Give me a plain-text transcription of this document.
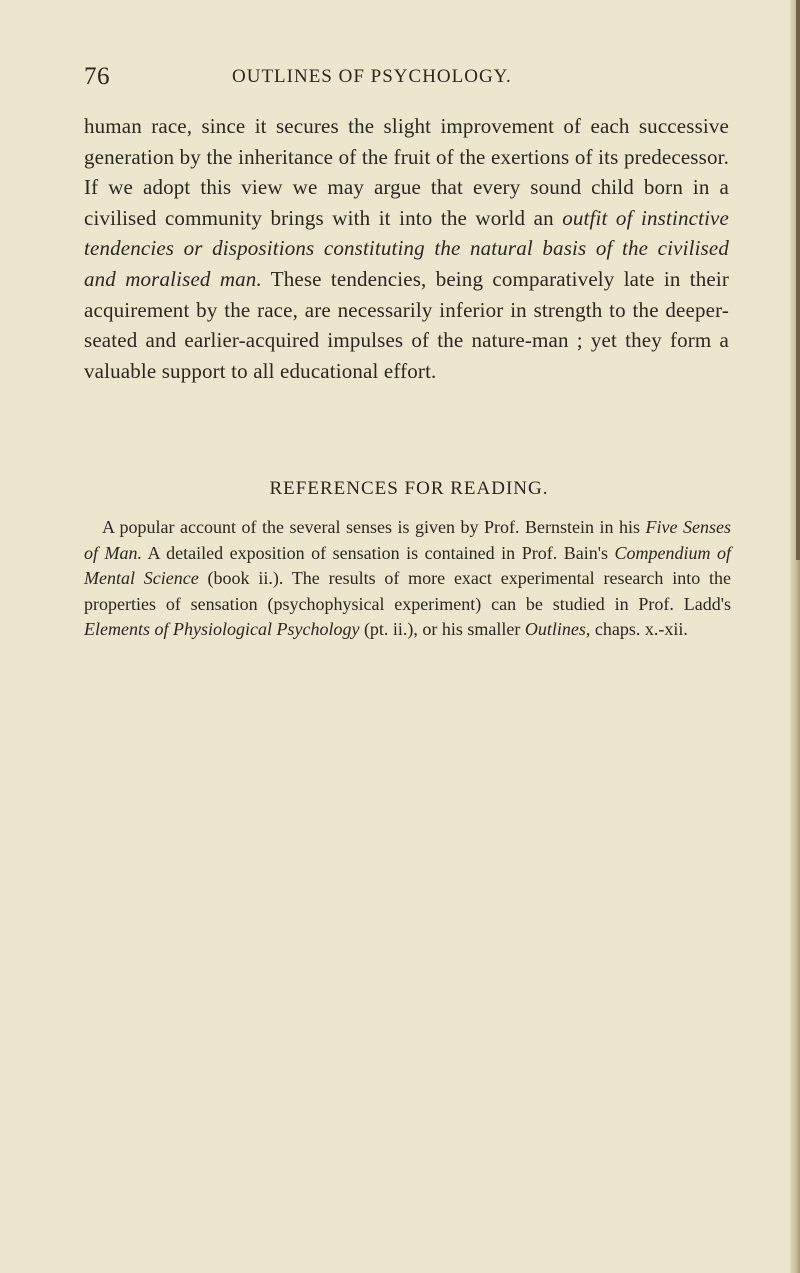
76	OUTLINES OF PSYCHOLOGY.

human race, since it secures the slight improvement of each successive generation by the inheritance of the fruit of the exertions of its predecessor. If we adopt this view we may argue that every sound child born in a civilised community brings with it into the world an outfit of instinctive tendencies or dispositions constituting the natural basis of the civilised and moralised man. These tendencies, being comparatively late in their acquirement by the race, are necessarily inferior in strength to the deeper-seated and earlier-acquired impulses of the nature-man ; yet they form a valuable support to all educational effort.

REFERENCES FOR READING.

A popular account of the several senses is given by Prof. Bernstein in his Five Senses of Man. A detailed exposition of sensation is contained in Prof. Bain's Compendium of Mental Science (book ii.). The results of more exact experimental research into the properties of sensation (psychophysical experiment) can be studied in Prof. Ladd's Elements of Physiological Psychology (pt. ii.), or his smaller Outlines, chaps. x.-xii.
